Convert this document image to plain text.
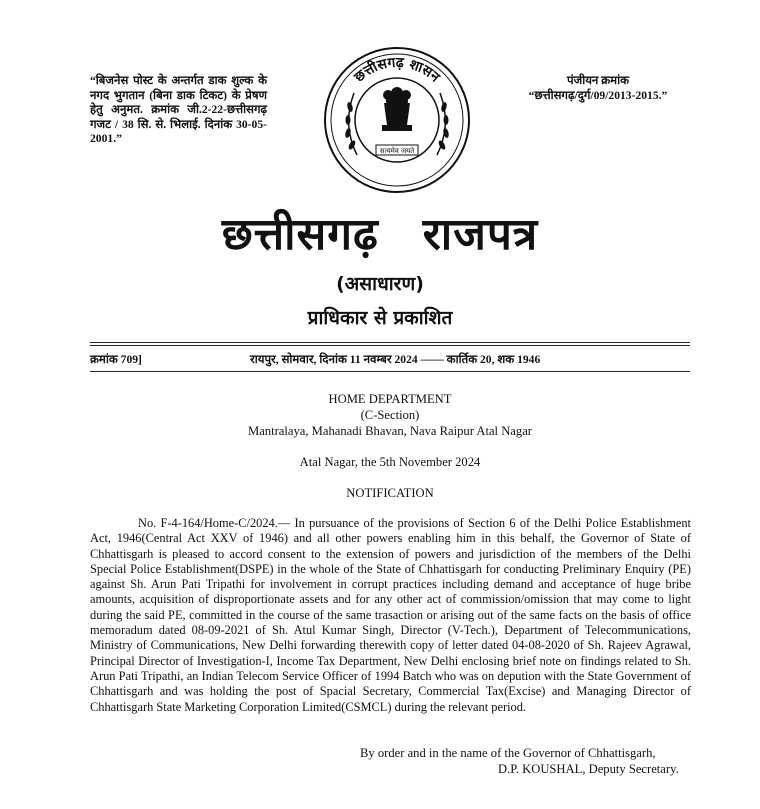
“बिजनेस पोस्ट के अन्तर्गत डाक शुल्क के नगद भुगतान (बिना डाक टिकट) के प्रेषण हेतु अनुमत. क्रमांक जी.2-22-छत्तीसगढ़ गजट / 38 सि. से. भिलाई. दिनांक 30-05-2001.”
सत्यमेव जयते
छत्तीसगढ़ शासन	पंजीयन क्रमांक
“छत्तीसगढ़/दुर्ग/09/2013-2015.”
छत्तीसगढ़ राजपत्र
(असाधारण)
प्राधिकार से प्रकाशित
क्रमांक 709]	रायपुर, सोमवार, दिनांक 11 नवम्बर 2024 —— कार्तिक 20, शक 1946
HOME DEPARTMENT
(C-Section)
Mantralaya, Mahanadi Bhavan, Nava Raipur Atal Nagar
Atal Nagar, the 5th November 2024
NOTIFICATION
No. F-4-164/Home-C/2024.— In pursuance of the provisions of Section 6 of the Delhi Police Establishment Act, 1946(Central Act XXV of 1946) and all other powers enabling him in this behalf, the Governor of State of Chhattisgarh is pleased to accord consent to the extension of powers and jurisdiction of the members of the Delhi Special Police Establishment(DSPE) in the whole of the State of Chhattisgarh for conducting Preliminary Enquiry (PE) against Sh. Arun Pati Tripathi for involvement in corrupt practices including demand and acceptance of huge bribe amounts, acquisition of disproportionate assets and for any other act of commission/omission that may come to light during the said PE, committed in the course of the same trasaction or arising out of the same facts on the basis of office memoradum dated 08-09-2021 of Sh. Atul Kumar Singh, Director (V-Tech.), Department of Telecommunications, Ministry of Communications, New Delhi forwarding therewith copy of letter dated 04-08-2020 of Sh. Rajeev Agrawal, Principal Director of Investigation-I, Income Tax Department, New Delhi enclosing brief note on findings related to Sh. Arun Pati Tripathi, an Indian Telecom Service Officer of 1994 Batch who was on depution with the State Government of Chhattisgarh and was holding the post of Spacial Secretary, Commercial Tax(Excise) and Managing Director of Chhattisgarh State Marketing Corporation Limited(CSMCL) during the relevant period.
By order and in the name of the Governor of Chhattisgarh,
D.P. KOUSHAL, Deputy Secretary.
